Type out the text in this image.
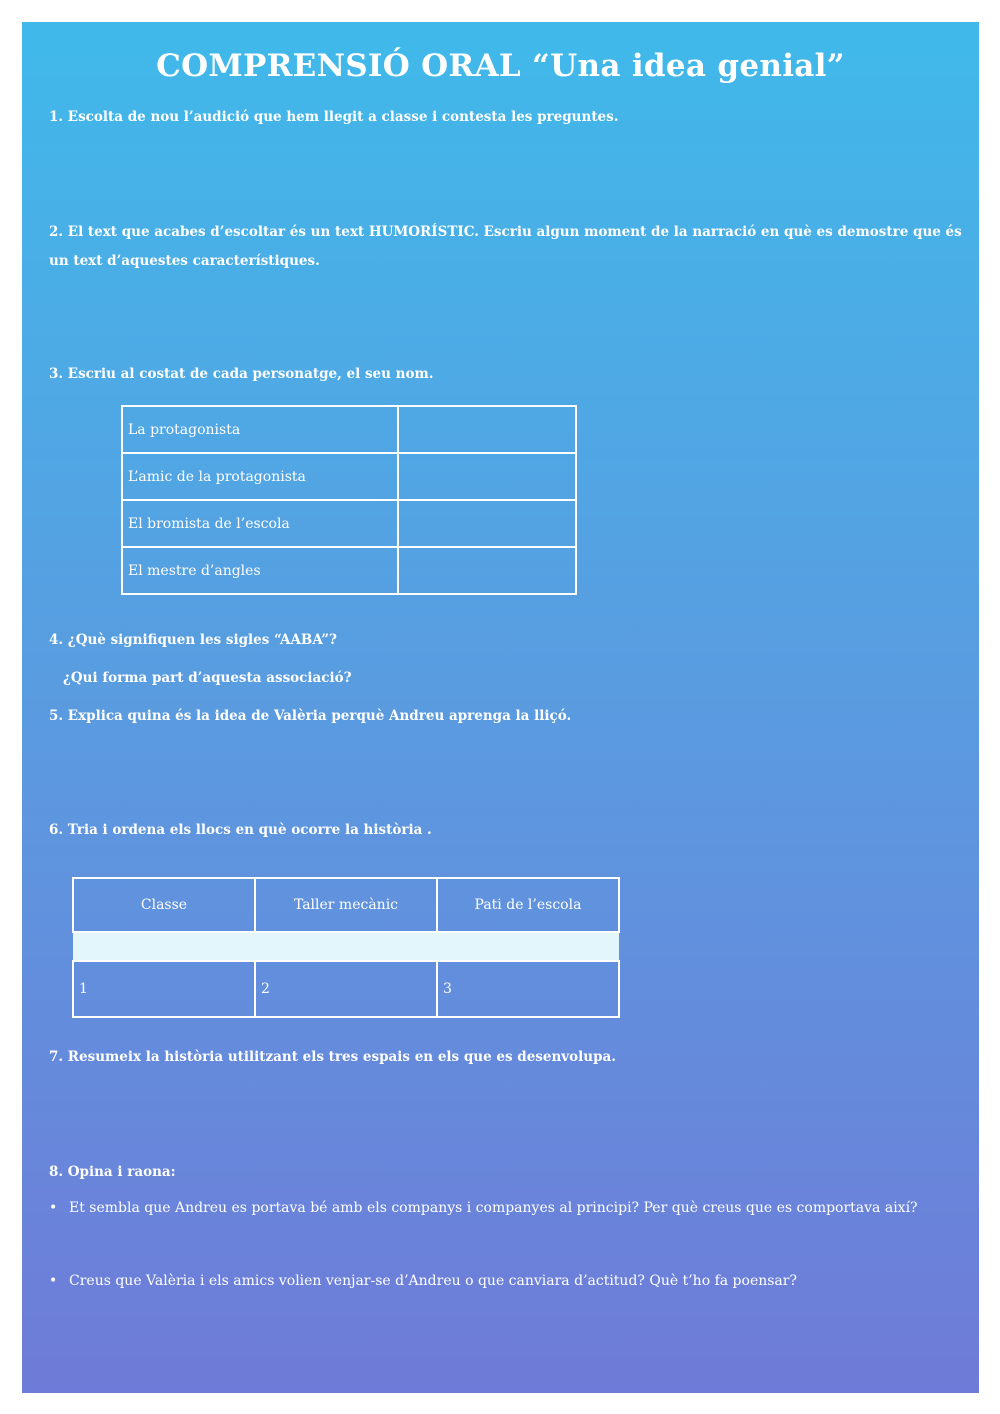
COMPRENSIÓ ORAL “Una idea genial”
1. Escolta de nou l’audició que hem llegit a classe i contesta les preguntes.
2. El text que acabes d’escoltar és un text HUMORÍSTIC. Escriu algun moment de la narració en què es demostre que és un text d’aquestes característiques.
3. Escriu al costat de cada personatge, el seu nom.
La protagonista	
L’amic de la protagonista	
El bromista de l’escola	
El mestre d’angles	
4. ¿Què signifiquen les sigles “AABA”?
¿Qui forma part d’aquesta associació?
5. Explica quina és la idea de Valèria perquè Andreu aprenga la lliçó.
6. Tria i ordena els llocs en què ocorre la història .
Classe	Taller mecànic	Pati de l’escola

1	2	3
7. Resumeix la història utilitzant els tres espais en els que es desenvolupa.
8. Opina i raona:
• Et sembla que Andreu es portava bé amb els companys i companyes al principi? Per què creus que es comportava així?
• Creus que Valèria i els amics volien venjar-se d’Andreu o que canviara d’actitud? Què t’ho fa poensar?
